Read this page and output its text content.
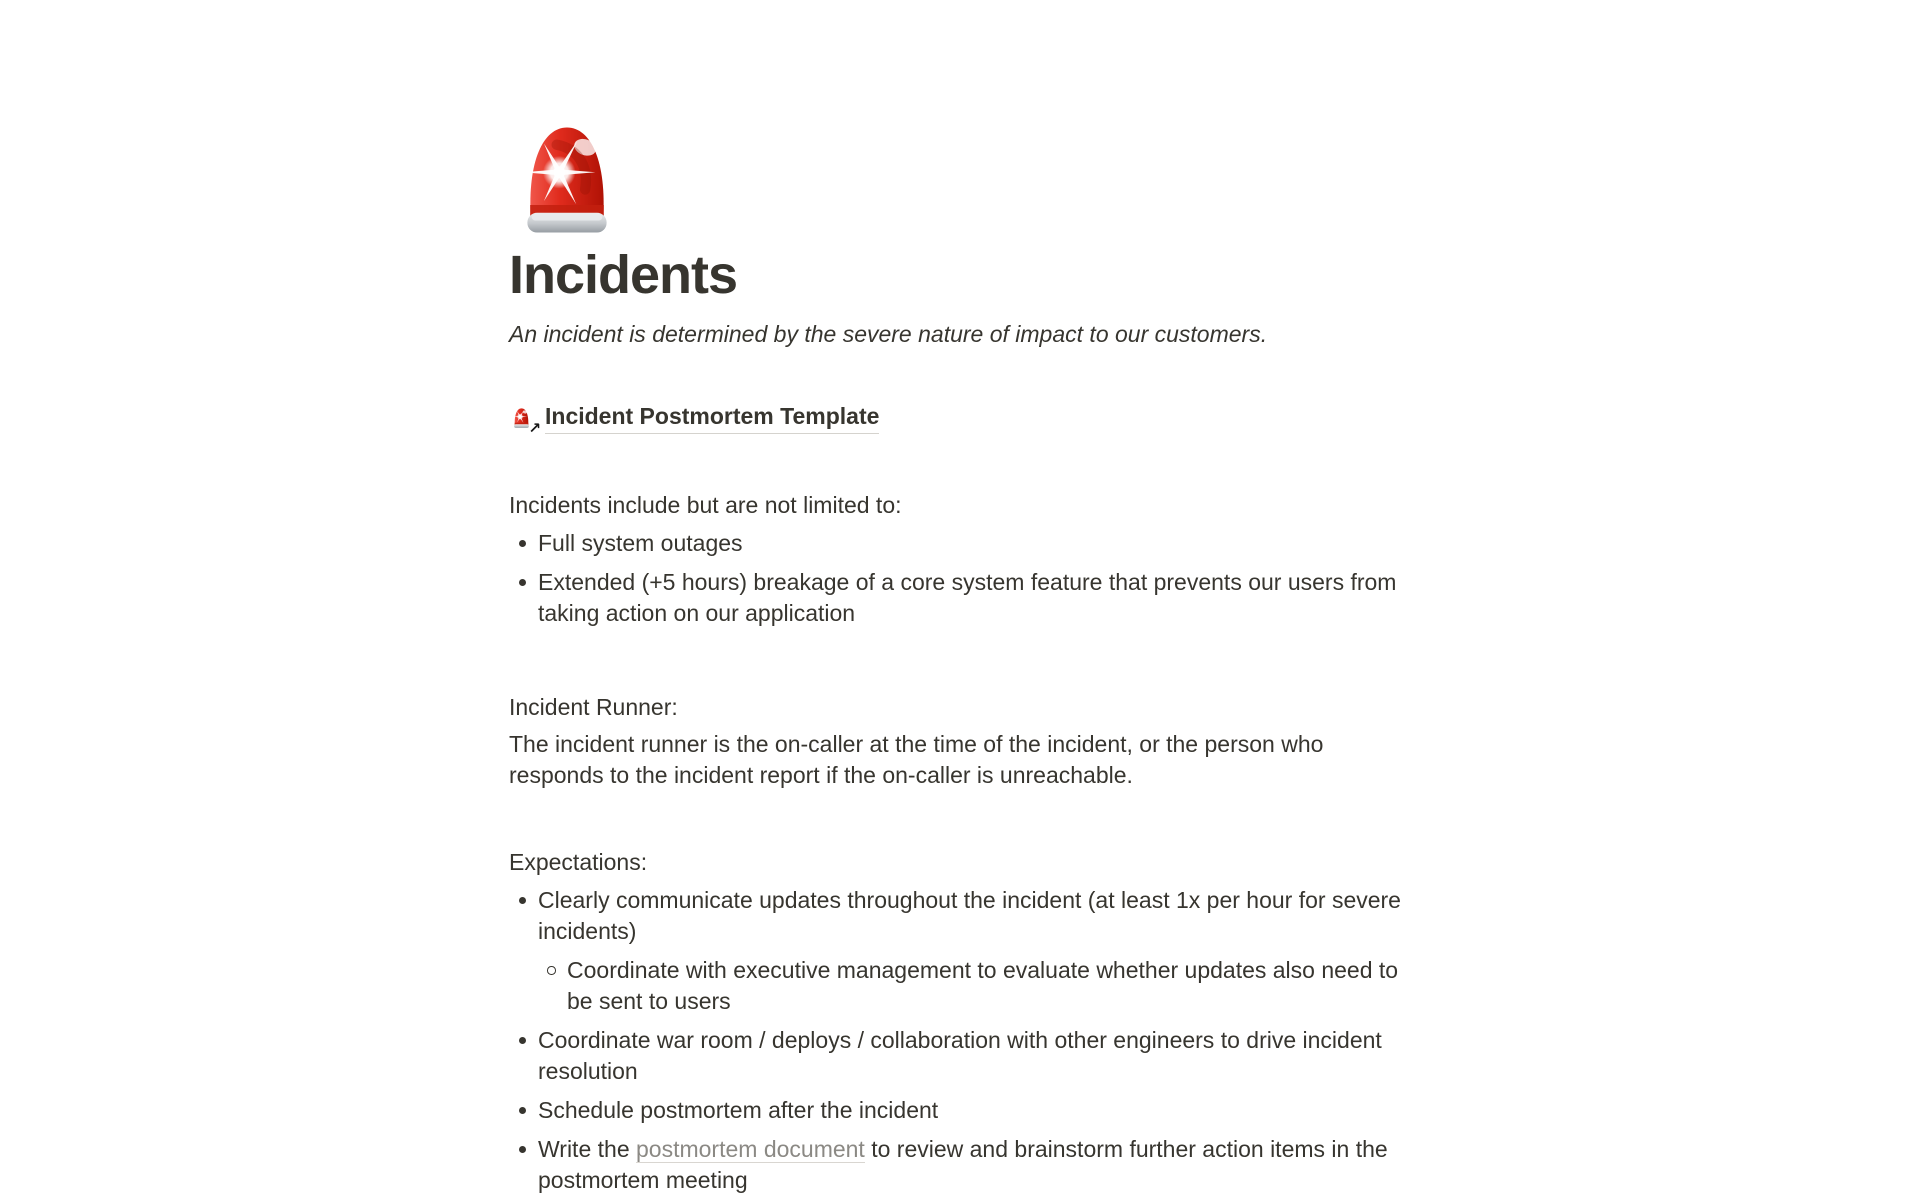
Incidents

An incident is determined by the severe nature of impact to our customers.

↗ Incident Postmortem Template

Incidents include but are not limited to:

Full system outages
Extended (+5 hours) breakage of a core system feature that prevents our users from taking action on our application

Incident Runner:

The incident runner is the on-caller at the time of the incident, or the person who responds to the incident report if the on-caller is unreachable.

Expectations:

Clearly communicate updates throughout the incident (at least 1x per hour for severe incidents)
Coordinate with executive management to evaluate whether updates also need to be sent to users
Coordinate war room / deploys / collaboration with other engineers to drive incident resolution
Schedule postmortem after the incident
Write the postmortem document to review and brainstorm further action items in the postmortem meeting
